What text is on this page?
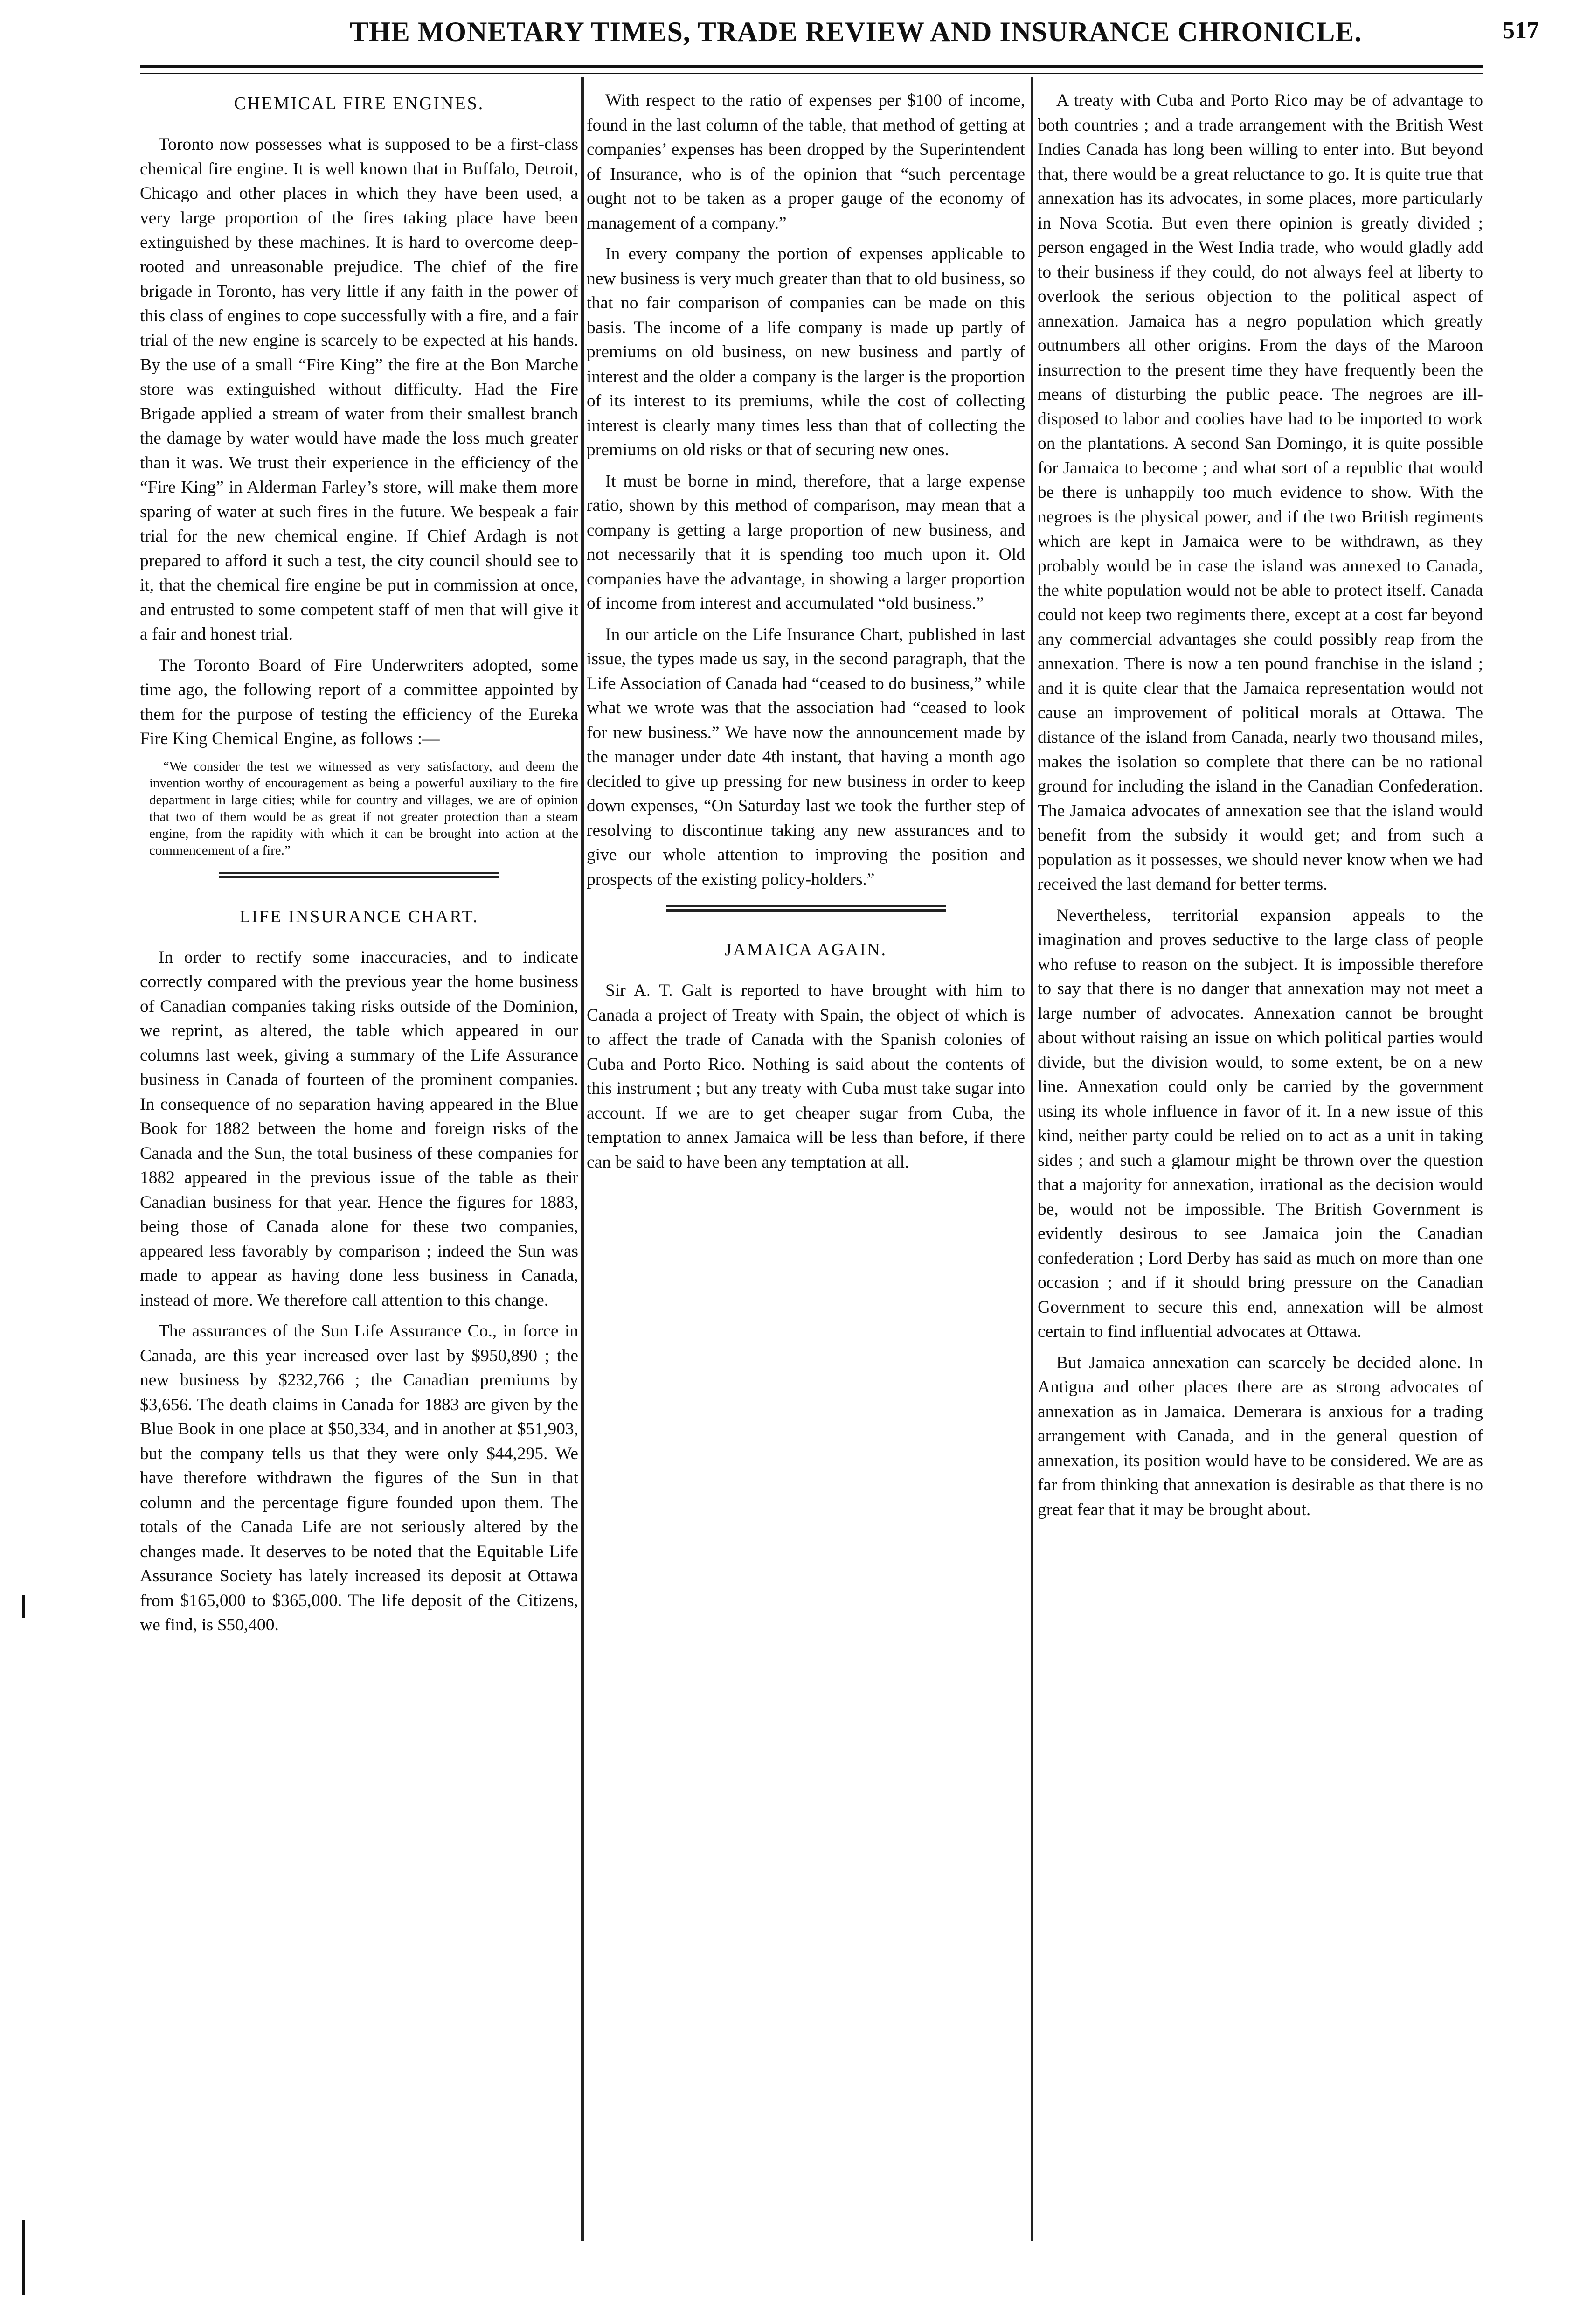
THE MONETARY TIMES, TRADE REVIEW AND INSURANCE CHRONICLE.	517
CHEMICAL FIRE ENGINES.

Toronto now possesses what is supposed to be a first-class chemical fire engine. It is well known that in Buffalo, Detroit, Chicago and other places in which they have been used, a very large proportion of the fires taking place have been extinguished by these machines. It is hard to overcome deep-rooted and unreasonable prejudice. The chief of the fire brigade in Toronto, has very little if any faith in the power of this class of engines to cope successfully with a fire, and a fair trial of the new engine is scarcely to be expected at his hands. By the use of a small “Fire King” the fire at the Bon Marche store was extinguished without difficulty. Had the Fire Brigade applied a stream of water from their smallest branch the damage by water would have made the loss much greater than it was. We trust their experience in the efficiency of the “Fire King” in Alderman Farley’s store, will make them more sparing of water at such fires in the future. We bespeak a fair trial for the new chemical engine. If Chief Ardagh is not prepared to afford it such a test, the city council should see to it, that the chemical fire engine be put in commission at once, and entrusted to some competent staff of men that will give it a fair and honest trial.

The Toronto Board of Fire Underwriters adopted, some time ago, the following report of a committee appointed by them for the purpose of testing the efficiency of the Eureka Fire King Chemical Engine, as follows :—

“We consider the test we witnessed as very satisfactory, and deem the invention worthy of encouragement as being a powerful auxiliary to the fire department in large cities; while for country and villages, we are of opinion that two of them would be as great if not greater protection than a steam engine, from the rapidity with which it can be brought into action at the commencement of a fire.”

LIFE INSURANCE CHART.

In order to rectify some inaccuracies, and to indicate correctly compared with the previous year the home business of Canadian companies taking risks outside of the Dominion, we reprint, as altered, the table which appeared in our columns last week, giving a summary of the Life Assurance business in Canada of fourteen of the prominent companies. In consequence of no separation having appeared in the Blue Book for 1882 between the home and foreign risks of the Canada and the Sun, the total business of these companies for 1882 appeared in the previous issue of the table as their Canadian business for that year. Hence the figures for 1883, being those of Canada alone for these two companies, appeared less favorably by comparison ; indeed the Sun was made to appear as having done less business in Canada, instead of more. We therefore call attention to this change.

The assurances of the Sun Life Assurance Co., in force in Canada, are this year increased over last by $950,890 ; the new business by $232,766 ; the Canadian premiums by $3,656. The death claims in Canada for 1883 are given by the Blue Book in one place at $50,334, and in another at $51,903, but the company tells us that they were only $44,295. We have therefore withdrawn the figures of the Sun in that column and the percentage figure founded upon them. The totals of the Canada Life are not seriously altered by the changes made. It deserves to be noted that the Equitable Life Assurance Society has lately increased its deposit at Ottawa from $165,000 to $365,000. The life deposit of the Citizens, we find, is $50,400.

With respect to the ratio of expenses per $100 of income, found in the last column of the table, that method of getting at companies’ expenses has been dropped by the Superintendent of Insurance, who is of the opinion that “such percentage ought not to be taken as a proper gauge of the economy of management of a company.”

In every company the portion of expenses applicable to new business is very much greater than that to old business, so that no fair comparison of companies can be made on this basis. The income of a life company is made up partly of premiums on old business, on new business and partly of interest and the older a company is the larger is the proportion of its interest to its premiums, while the cost of collecting interest is clearly many times less than that of collecting the premiums on old risks or that of securing new ones.

It must be borne in mind, therefore, that a large expense ratio, shown by this method of comparison, may mean that a company is getting a large proportion of new business, and not necessarily that it is spending too much upon it. Old companies have the advantage, in showing a larger proportion of income from interest and accumulated “old business.”

In our article on the Life Insurance Chart, published in last issue, the types made us say, in the second paragraph, that the Life Association of Canada had “ceased to do business,” while what we wrote was that the association had “ceased to look for new business.” We have now the announcement made by the manager under date 4th instant, that having a month ago decided to give up pressing for new business in order to keep down expenses, “On Saturday last we took the further step of resolving to discontinue taking any new assurances and to give our whole attention to improving the position and prospects of the existing policy-holders.”

JAMAICA AGAIN.

Sir A. T. Galt is reported to have brought with him to Canada a project of Treaty with Spain, the object of which is to affect the trade of Canada with the Spanish colonies of Cuba and Porto Rico. Nothing is said about the contents of this instrument ; but any treaty with Cuba must take sugar into account. If we are to get cheaper sugar from Cuba, the temptation to annex Jamaica will be less than before, if there can be said to have been any temptation at all.

A treaty with Cuba and Porto Rico may be of advantage to both countries ; and a trade arrangement with the British West Indies Canada has long been willing to enter into. But beyond that, there would be a great reluctance to go. It is quite true that annexation has its advocates, in some places, more particularly in Nova Scotia. But even there opinion is greatly divided ; person engaged in the West India trade, who would gladly add to their business if they could, do not always feel at liberty to overlook the serious objection to the political aspect of annexation. Jamaica has a negro population which greatly outnumbers all other origins. From the days of the Maroon insurrection to the present time they have frequently been the means of disturbing the public peace. The negroes are ill-disposed to labor and coolies have had to be imported to work on the plantations. A second San Domingo, it is quite possible for Jamaica to become ; and what sort of a republic that would be there is unhappily too much evidence to show. With the negroes is the physical power, and if the two British regiments which are kept in Jamaica were to be withdrawn, as they probably would be in case the island was annexed to Canada, the white population would not be able to protect itself. Canada could not keep two regiments there, except at a cost far beyond any commercial advantages she could possibly reap from the annexation. There is now a ten pound franchise in the island ; and it is quite clear that the Jamaica representation would not cause an improvement of political morals at Ottawa. The distance of the island from Canada, nearly two thousand miles, makes the isolation so complete that there can be no rational ground for including the island in the Canadian Confederation. The Jamaica advocates of annexation see that the island would benefit from the subsidy it would get; and from such a population as it possesses, we should never know when we had received the last demand for better terms.

Nevertheless, territorial expansion appeals to the imagination and proves seductive to the large class of people who refuse to reason on the subject. It is impossible therefore to say that there is no danger that annexation may not meet a large number of advocates. Annexation cannot be brought about without raising an issue on which political parties would divide, but the division would, to some extent, be on a new line. Annexation could only be carried by the government using its whole influence in favor of it. In a new issue of this kind, neither party could be relied on to act as a unit in taking sides ; and such a glamour might be thrown over the question that a majority for annexation, irrational as the decision would be, would not be impossible. The British Government is evidently desirous to see Jamaica join the Canadian confederation ; Lord Derby has said as much on more than one occasion ; and if it should bring pressure on the Canadian Government to secure this end, annexation will be almost certain to find influential advocates at Ottawa.

But Jamaica annexation can scarcely be decided alone. In Antigua and other places there are as strong advocates of annexation as in Jamaica. Demerara is anxious for a trading arrangement with Canada, and in the general question of annexation, its position would have to be considered. We are as far from thinking that annexation is desirable as that there is no great fear that it may be brought about.
